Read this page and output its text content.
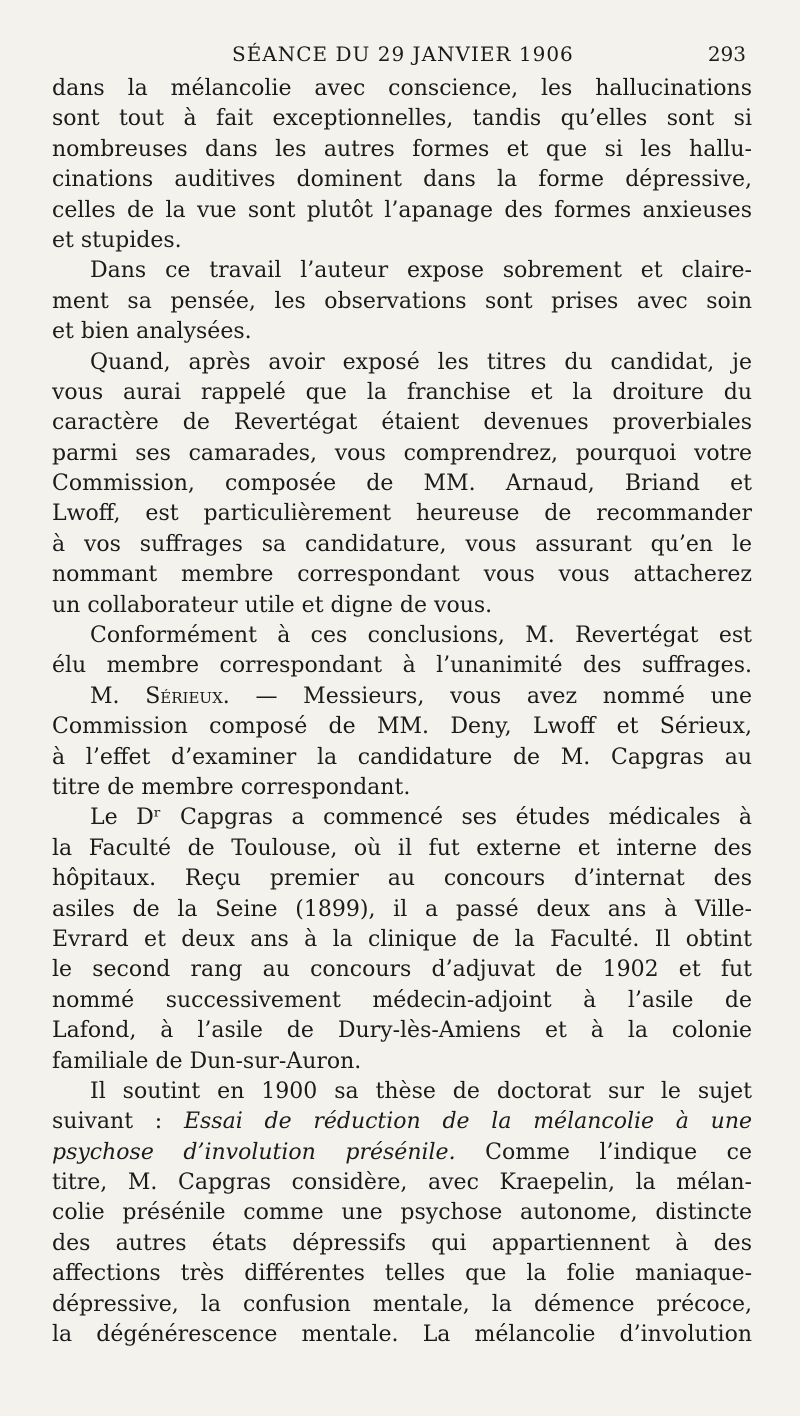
SÉANCE DU 29 JANVIER 1906	293
dans la mélancolie avec conscience, les hallucinations
sont tout à fait exceptionnelles, tandis qu’elles sont si
nombreuses dans les autres formes et que si les hallu-
cinations auditives dominent dans la forme dépressive,
celles de la vue sont plutôt l’apanage des formes anxieuses
et stupides.
Dans ce travail l’auteur expose sobrement et claire-
ment sa pensée, les observations sont prises avec soin
et bien analysées.
Quand, après avoir exposé les titres du candidat, je
vous aurai rappelé que la franchise et la droiture du
caractère de Revertégat étaient devenues proverbiales
parmi ses camarades, vous comprendrez, pourquoi votre
Commission, composée de MM. Arnaud, Briand et
Lwoff, est particulièrement heureuse de recommander
à vos suffrages sa candidature, vous assurant qu’en le
nommant membre correspondant vous vous attacherez
un collaborateur utile et digne de vous.
Conformément à ces conclusions, M. Revertégat est
élu membre correspondant à l’unanimité des suffrages.
M. Sérieux. — Messieurs, vous avez nommé une
Commission composé de MM. Deny, Lwoff et Sérieux,
à l’effet d’examiner la candidature de M. Capgras au
titre de membre correspondant.
Le Dʳ Capgras a commencé ses études médicales à
la Faculté de Toulouse, où il fut externe et interne des
hôpitaux. Reçu premier au concours d’internat des
asiles de la Seine (1899), il a passé deux ans à Ville-
Evrard et deux ans à la clinique de la Faculté. Il obtint
le second rang au concours d’adjuvat de 1902 et fut
nommé successivement médecin-adjoint à l’asile de
Lafond, à l’asile de Dury-lès-Amiens et à la colonie
familiale de Dun-sur-Auron.
Il soutint en 1900 sa thèse de doctorat sur le sujet
suivant : Essai de réduction de la mélancolie à une
psychose d’involution présénile. Comme l’indique ce
titre, M. Capgras considère, avec Kraepelin, la mélan-
colie présénile comme une psychose autonome, distincte
des autres états dépressifs qui appartiennent à des
affections très différentes telles que la folie maniaque-
dépressive, la confusion mentale, la démence précoce,
la dégénérescence mentale. La mélancolie d’involution
